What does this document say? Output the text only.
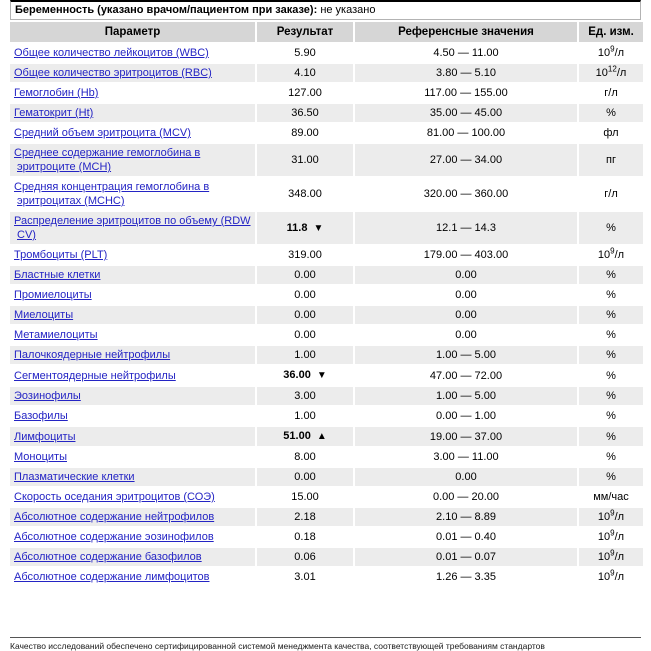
Беременность (указано врачом/пациентом при заказе): не указано
Параметр	Результат	Референсные значения	Ед. изм.
Общее количество лейкоцитов (WBC)	5.90	4.50 — 11.00	$10^9/л$
Общее количество эритроцитов (RBC)	4.10	3.80 — 5.10	$10^{12}/л$
Гемоглобин (Hb)	127.00	117.00 — 155.00	г/л
Гематокрит (Ht)	36.50	35.00 — 45.00	%
Средний объем эритроцита (MCV)	89.00	81.00 — 100.00	фл
Среднее содержание гемоглобина в эритроците (MCH)	31.00	27.00 — 34.00	пг
Средняя концентрация гемоглобина в эритроцитах (MCHC)	348.00	320.00 — 360.00	г/л
Распределение эритроцитов по объему (RDW CV)	11.8 ▼	12.1 — 14.3	%
Тромбоциты (PLT)	319.00	179.00 — 403.00	$10^9/л$
Бластные клетки	0.00	0.00	%
Промиелоциты	0.00	0.00	%
Миелоциты	0.00	0.00	%
Метамиелоциты	0.00	0.00	%
Палочкоядерные нейтрофилы	1.00	1.00 — 5.00	%
Сегментоядерные нейтрофилы	36.00 ▼	47.00 — 72.00	%
Эозинофилы	3.00	1.00 — 5.00	%
Базофилы	1.00	0.00 — 1.00	%
Лимфоциты	51.00 ▲	19.00 — 37.00	%
Моноциты	8.00	3.00 — 11.00	%
Плазматические клетки	0.00	0.00	%
Скорость оседания эритроцитов (СОЭ)	15.00	0.00 — 20.00	мм/час
Абсолютное содержание нейтрофилов	2.18	2.10 — 8.89	$10^9/л$
Абсолютное содержание эозинофилов	0.18	0.01 — 0.40	$10^9/л$
Абсолютное содержание базофилов	0.06	0.01 — 0.07	$10^9/л$
Абсолютное содержание лимфоцитов	3.01	1.26 — 3.35	$10^9/л$
Качество исследований обеспечено сертифицированной системой менеджмента качества, соответствующей требованиям стандартов
